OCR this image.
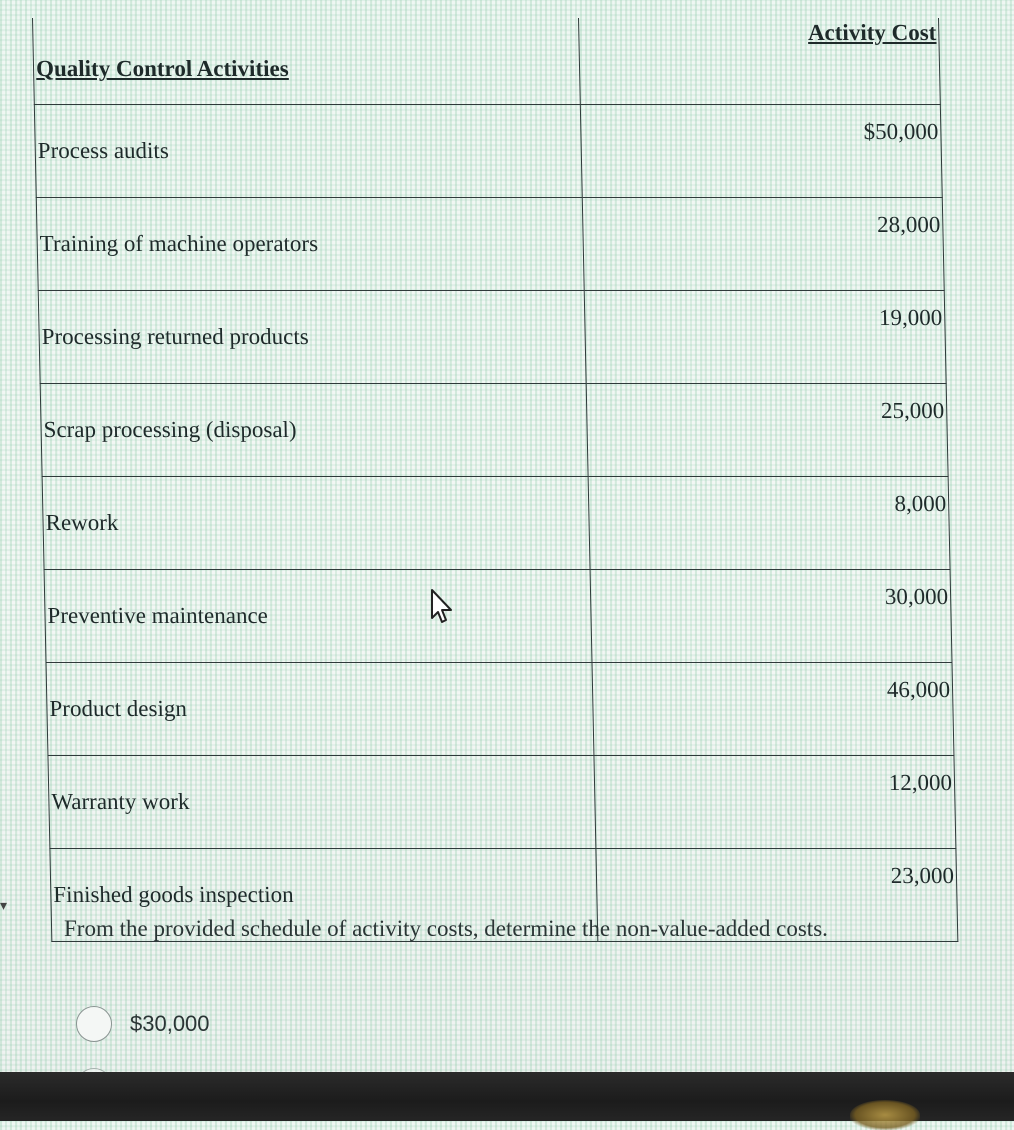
Quality Control Activities	Activity Cost
Process audits	$50,000
Training of machine operators	28,000
Processing returned products	19,000
Scrap processing (disposal)	25,000
Rework	8,000
Preventive maintenance	30,000
Product design	46,000
Warranty work	12,000
Finished goods inspection	23,000
▾
From the provided schedule of activity costs, determine the non-value-added costs.
$30,000
